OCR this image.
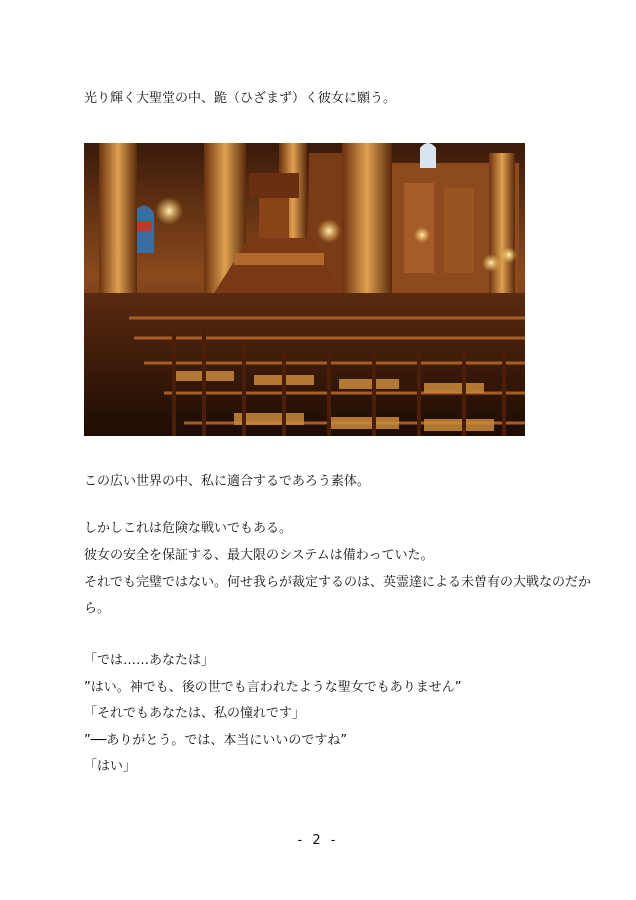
光り輝く大聖堂の中、跪（ひざまず）く彼女に願う。

この広い世界の中、私に適合するであろう素体。

しかしこれは危険な戦いでもある。

彼女の安全を保証する、最大限のシステムは備わっていた。

それでも完璧ではない。何せ我らが裁定するのは、英霊達による未曽有の大戦なのだか

ら。

「では……あなたは」

”はい。神でも、後の世でも言われたような聖女でもありません”

「それでもあなたは、私の憧れです」

”──ありがとう。では、本当にいいのですね”

「はい」

- 2 -
